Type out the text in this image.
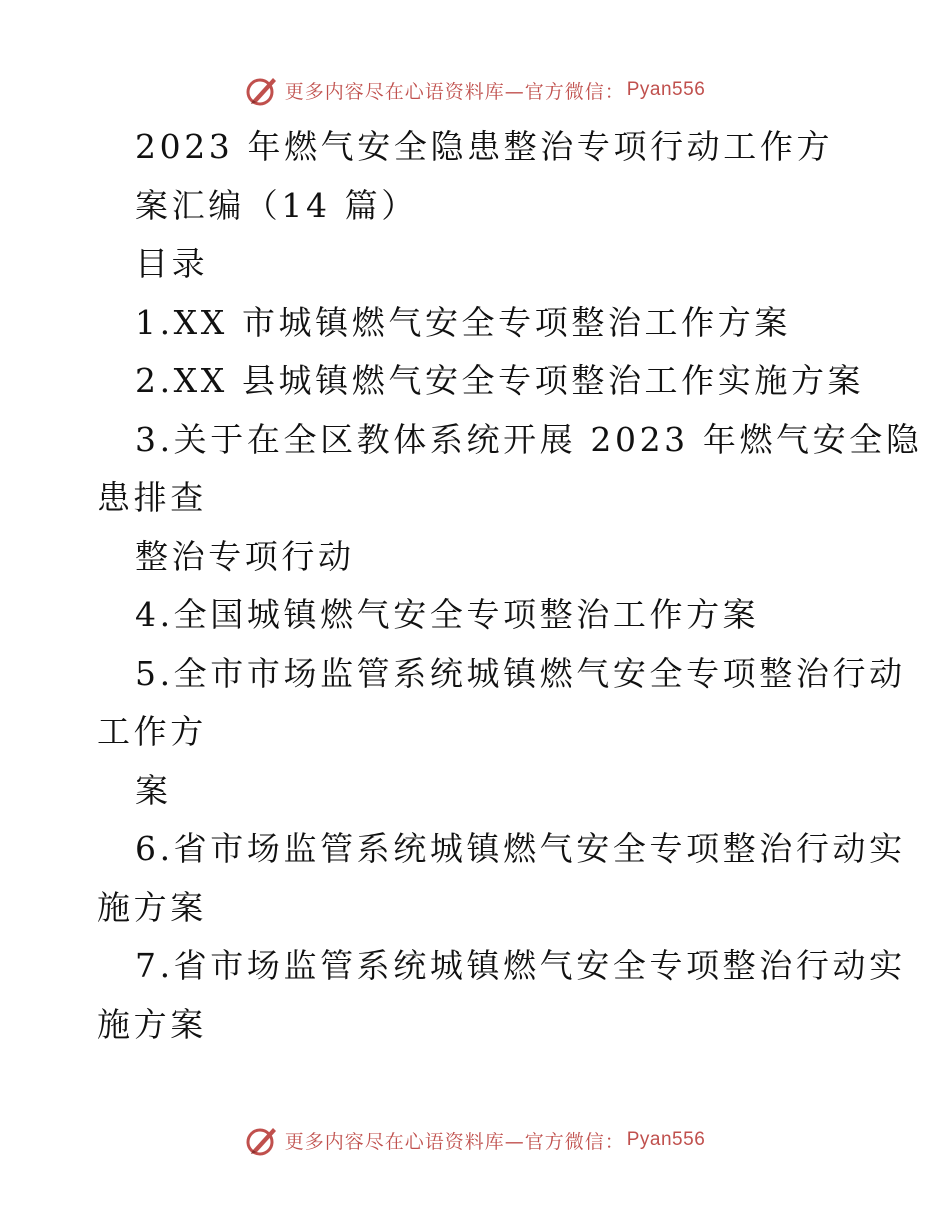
更多内容尽在心语资料库—官方微信： Pyan556
2023 年燃气安全隐患整治专项行动工作方
案汇编（14 篇）
目录
1.XX 市城镇燃气安全专项整治工作方案
2.XX 县城镇燃气安全专项整治工作实施方案
3.关于在全区教体系统开展 2023 年燃气安全隐
患排查
整治专项行动
4.全国城镇燃气安全专项整治工作方案
5.全市市场监管系统城镇燃气安全专项整治行动
工作方
案
6.省市场监管系统城镇燃气安全专项整治行动实
施方案
7.省市场监管系统城镇燃气安全专项整治行动实
施方案
更多内容尽在心语资料库—官方微信： Pyan556
